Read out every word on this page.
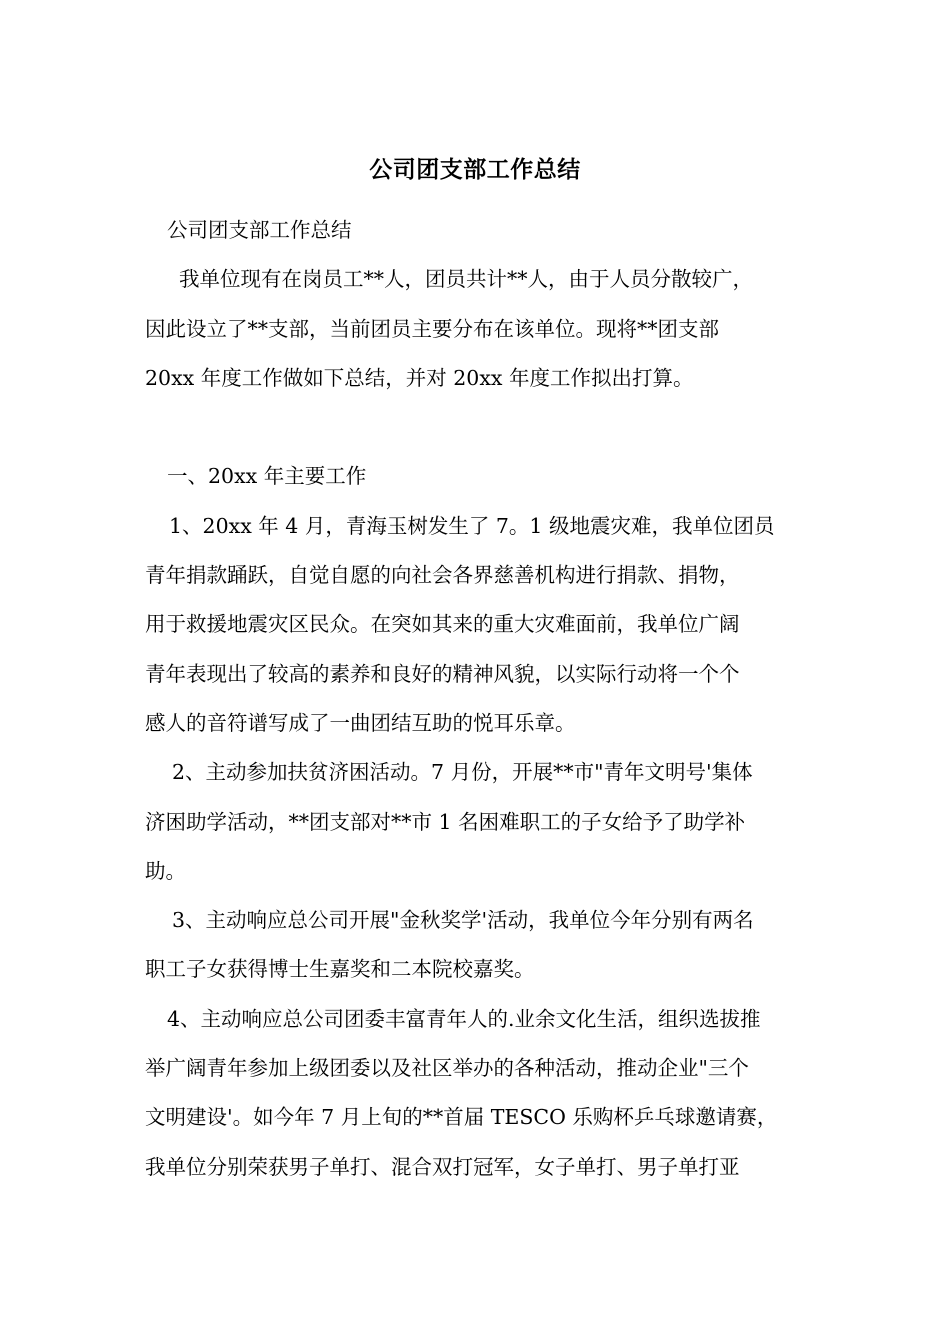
公司团支部工作总结
公司团支部工作总结
我单位现有在岗员工**人，团员共计**人，由于人员分散较广，
因此设立了**支部，当前团员主要分布在该单位。现将**团支部
20xx 年度工作做如下总结，并对 20xx 年度工作拟出打算。
一、20xx 年主要工作
1、20xx 年 4 月，青海玉树发生了 7。1 级地震灾难，我单位团员
青年捐款踊跃，自觉自愿的向社会各界慈善机构进行捐款、捐物，
用于救援地震灾区民众。在突如其来的重大灾难面前，我单位广阔
青年表现出了较高的素养和良好的精神风貌，以实际行动将一个个
感人的音符谱写成了一曲团结互助的悦耳乐章。
2、主动参加扶贫济困活动。7 月份，开展**市"青年文明号'集体
济困助学活动，**团支部对**市 1 名困难职工的子女给予了助学补
助。
3、主动响应总公司开展"金秋奖学'活动，我单位今年分别有两名
职工子女获得博士生嘉奖和二本院校嘉奖。
4、主动响应总公司团委丰富青年人的.业余文化生活，组织选拔推
举广阔青年参加上级团委以及社区举办的各种活动，推动企业"三个
文明建设'。如今年 7 月上旬的**首届 TESCO 乐购杯乒乓球邀请赛，
我单位分别荣获男子单打、混合双打冠军，女子单打、男子单打亚
